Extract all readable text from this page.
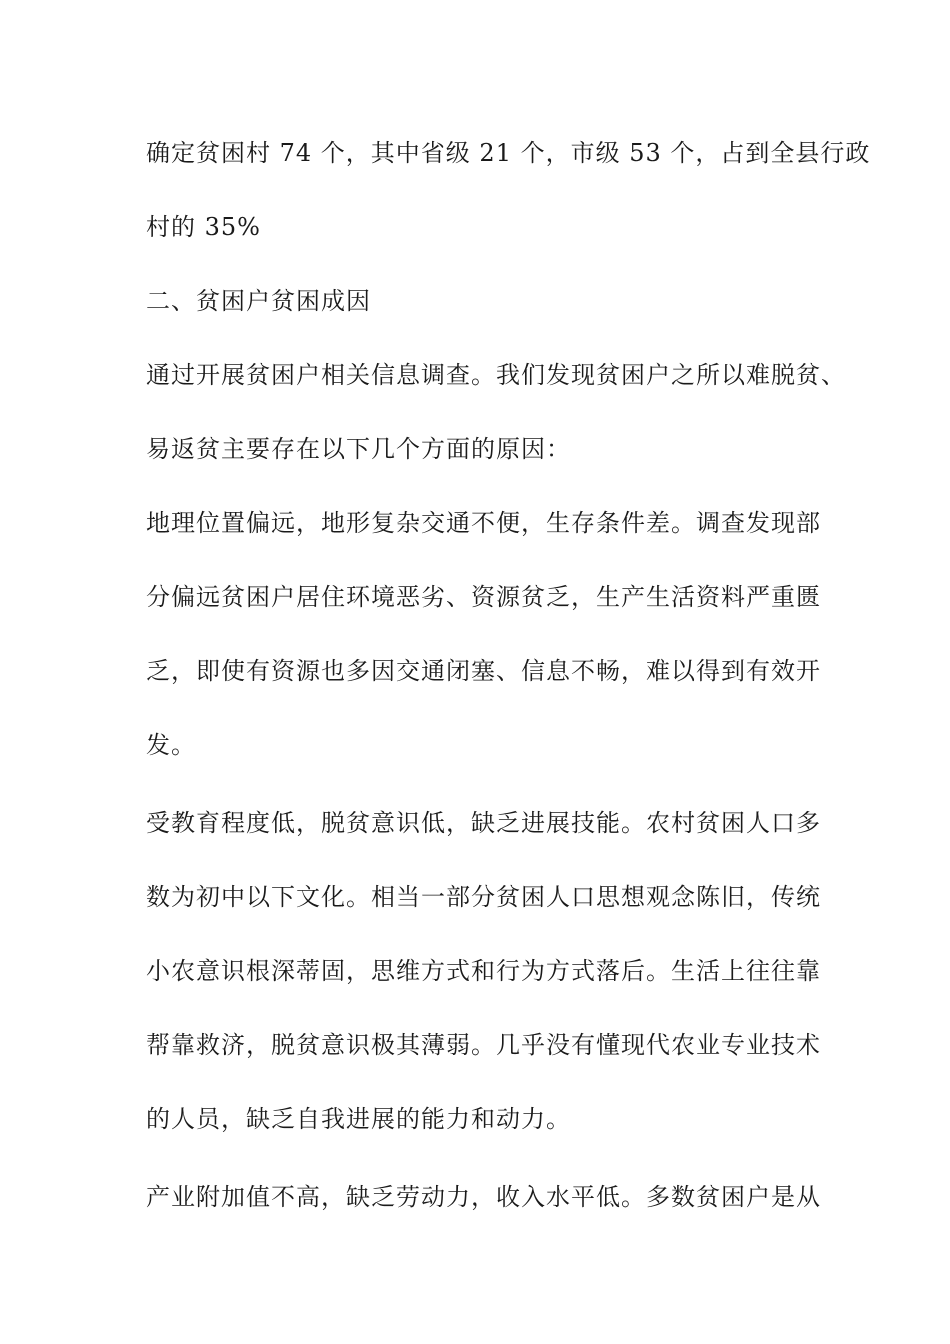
确定贫困村 74 个，其中省级 21 个，市级 53 个，占到全县行政
村的 35%
二、贫困户贫困成因
通过开展贫困户相关信息调查。我们发现贫困户之所以难脱贫、
易返贫主要存在以下几个方面的原因：
地理位置偏远，地形复杂交通不便，生存条件差。调查发现部
分偏远贫困户居住环境恶劣、资源贫乏，生产生活资料严重匮
乏，即使有资源也多因交通闭塞、信息不畅，难以得到有效开
发。
受教育程度低，脱贫意识低，缺乏进展技能。农村贫困人口多
数为初中以下文化。相当一部分贫困人口思想观念陈旧，传统
小农意识根深蒂固，思维方式和行为方式落后。生活上往往靠
帮靠救济，脱贫意识极其薄弱。几乎没有懂现代农业专业技术
的人员，缺乏自我进展的能力和动力。
产业附加值不高，缺乏劳动力，收入水平低。多数贫困户是从
